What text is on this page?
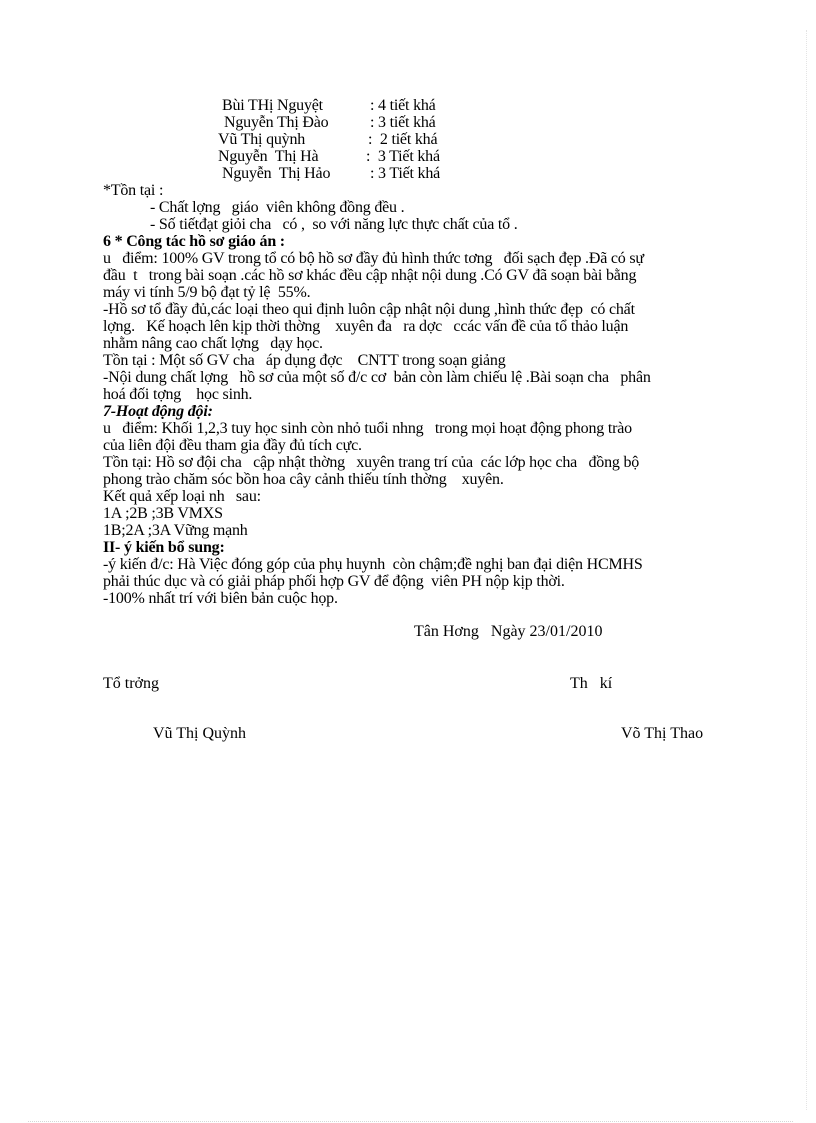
Bùi THị Nguyệt	: 4 tiết khá
Nguyễn Thị Đào	: 3 tiết khá
Vũ Thị quỳnh	:  2 tiết khá
Nguyễn  Thị Hà	:  3 Tiết khá
Nguyễn  Thị Hảo : 3 Tiết khá
*Tồn tại :
- Chất lợng   giáo  viên không đồng đều .
- Số tiếtđạt giỏi cha   có ,  so với năng lực thực chất của tổ .
6 * Công tác hồ sơ giáo án :
u   điểm: 100% GV trong tổ có bộ hồ sơ đầy đủ hình thức tơng   đối sạch đẹp .Đã có sự
đầu  t   trong bài soạn .các hồ sơ khác đều cập nhật nội dung .Có GV đã soạn bài bằng
máy vi tính 5/9 bộ đạt tỷ lệ  55%.
-Hồ sơ tổ đầy đủ,các loại theo qui định luôn cập nhật nội dung ,hình thức đẹp  có chất
lợng.   Kế hoạch lên kịp thời thờng    xuyên đa   ra dợc   ccác vấn đề của tổ thảo luận
nhằm nâng cao chất lợng   dạy học.
Tồn tại : Một số GV cha   áp dụng đợc    CNTT trong soạn giảng
-Nội dung chất lợng   hồ sơ của một số đ/c cơ  bản còn làm chiếu lệ .Bài soạn cha   phân
hoá đối tợng    học sinh.
7-Hoạt động đội:
u   điểm: Khối 1,2,3 tuy học sinh còn nhỏ tuổi nhng   trong mọi hoạt động phong trào
của liên đội đều tham gia đầy đủ tích cực.
Tồn tại: Hồ sơ đội cha   cập nhật thờng   xuyên trang trí của  các lớp học cha   đồng bộ
phong trào chăm sóc bồn hoa cây cảnh thiếu tính thờng    xuyên.
Kết quả xếp loại nh   sau:
1A ;2B ;3B VMXS
1B;2A ;3A Vững mạnh
II- ý kiến bổ sung:
-ý kiến đ/c: Hà Việc đóng góp của phụ huynh  còn chậm;đề nghị ban đại diện HCMHS
phải thúc dục và có giải pháp phối hợp GV để động  viên PH nộp kịp thời.
-100% nhất trí với biên bản cuộc họp.
Tân Hơng   Ngày 23/01/2010
Tổ trởng	Th   kí
Vũ Thị Quỳnh	Võ Thị Thao
